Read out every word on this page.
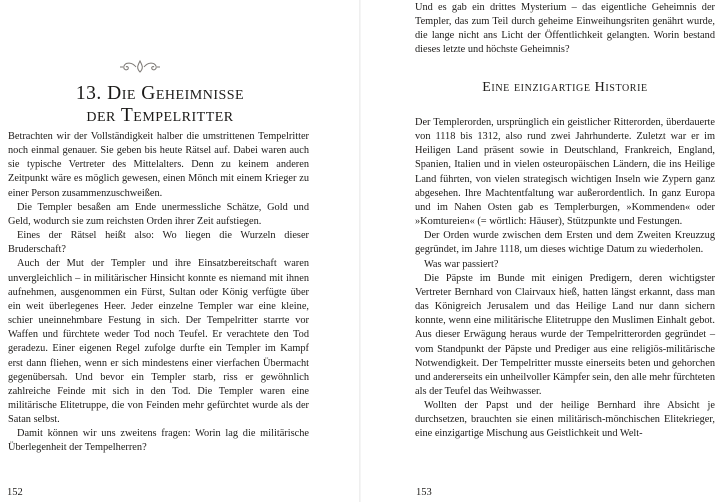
13. Die Geheimnisse
der Tempelritter

Betrachten wir der Vollständigkeit halber die umstrittenen Tempelritter noch einmal genauer. Sie geben bis heute Rätsel auf. Dabei waren auch sie typische Vertreter des Mittelalters. Denn zu keinem anderen Zeitpunkt wäre es möglich gewesen, einen Mönch mit einem Krieger zu einer Person zusammenzuschweißen.

Die Templer besaßen am Ende unermessliche Schätze, Gold und Geld, wodurch sie zum reichsten Orden ihrer Zeit aufstiegen.

Eines der Rätsel heißt also: Wo liegen die Wurzeln dieser Bruderschaft?

Auch der Mut der Templer und ihre Einsatzbereitschaft waren unvergleichlich – in militärischer Hinsicht konnte es niemand mit ihnen aufnehmen, ausgenommen ein Fürst, Sultan oder König verfügte über ein weit überlegenes Heer. Jeder einzelne Templer war eine kleine, schier uneinnehmbare Festung in sich. Der Tempelritter starrte vor Waffen und fürchtete weder Tod noch Teufel. Er verachtete den Tod geradezu. Einer eigenen Regel zufolge durfte ein Templer im Kampf erst dann fliehen, wenn er sich mindestens einer vierfachen Übermacht gegenübersah. Und bevor ein Templer starb, riss er gewöhnlich zahlreiche Feinde mit sich in den Tod. Die Templer waren eine militärische Elitetruppe, die von Feinden mehr gefürchtet wurde als der Satan selbst.

Damit können wir uns zweitens fragen: Worin lag die militärische Überlegenheit der Tempelherren?

152

Und es gab ein drittes Mysterium – das eigentliche Geheimnis der Templer, das zum Teil durch geheime Einweihungsriten genährt wurde, die lange nicht ans Licht der Öffentlichkeit gelangten. Worin bestand dieses letzte und höchste Geheimnis?

Eine einzigartige Historie

Der Templerorden, ursprünglich ein geistlicher Ritterorden, überdauerte von 1118 bis 1312, also rund zwei Jahrhunderte. Zuletzt war er im Heiligen Land präsent sowie in Deutschland, Frankreich, England, Spanien, Italien und in vielen osteuropäischen Ländern, die ins Heilige Land führten, von vielen strategisch wichtigen Inseln wie Zypern ganz abgesehen. Ihre Machtentfaltung war außerordentlich. In ganz Europa und im Nahen Osten gab es Templerburgen, »Kommenden« oder »Komtureien« (= wörtlich: Häuser), Stützpunkte und Festungen.

Der Orden wurde zwischen dem Ersten und dem Zweiten Kreuzzug gegründet, im Jahre 1118, um dieses wichtige Datum zu wiederholen.

Was war passiert?

Die Päpste im Bunde mit einigen Predigern, deren wichtigster Vertreter Bernhard von Clairvaux hieß, hatten längst erkannt, dass man das Königreich Jerusalem und das Heilige Land nur dann sichern konnte, wenn eine militärische Elitetruppe den Muslimen Einhalt gebot. Aus dieser Erwägung heraus wurde der Tempelritterorden gegründet – vom Standpunkt der Päpste und Prediger aus eine religiös-militärische Notwendigkeit. Der Tempelritter musste einerseits beten und gehorchen und andererseits ein unheilvoller Kämpfer sein, den alle mehr fürchteten als der Teufel das Weihwasser.

Wollten der Papst und der heilige Bernhard ihre Absicht je durchsetzen, brauchten sie einen militärisch-mönchischen Elitekrieger, eine einzigartige Mischung aus Geistlichkeit und Welt-

153
